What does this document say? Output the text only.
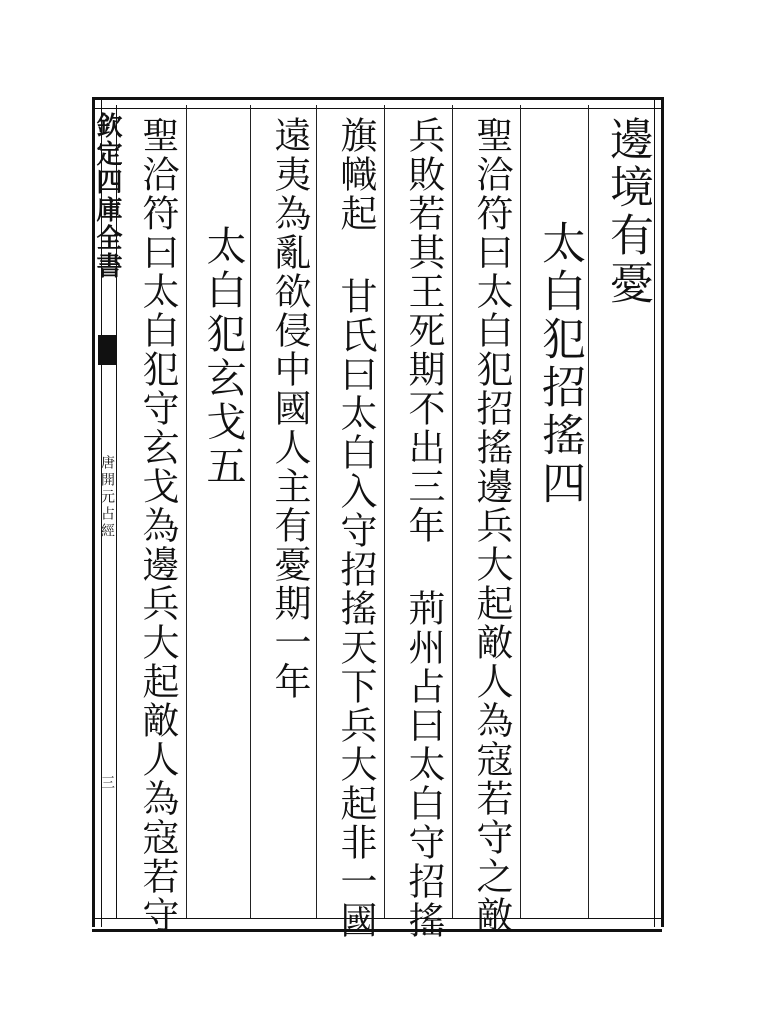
欽定四庫全書
唐開元占經
三
邊境有憂
太白犯招搖四
聖洽符曰太白犯招搖邊兵大起敵人為寇若守之敵
兵敗若其王死期不出三年荊州占曰太白守招搖
旗幟起甘氏曰太白入守招搖天下兵大起非一國
遠夷為亂欲侵中國人主有憂期一年
太白犯玄戈五
聖洽符曰太白犯守玄戈為邊兵大起敵人為寇若守
